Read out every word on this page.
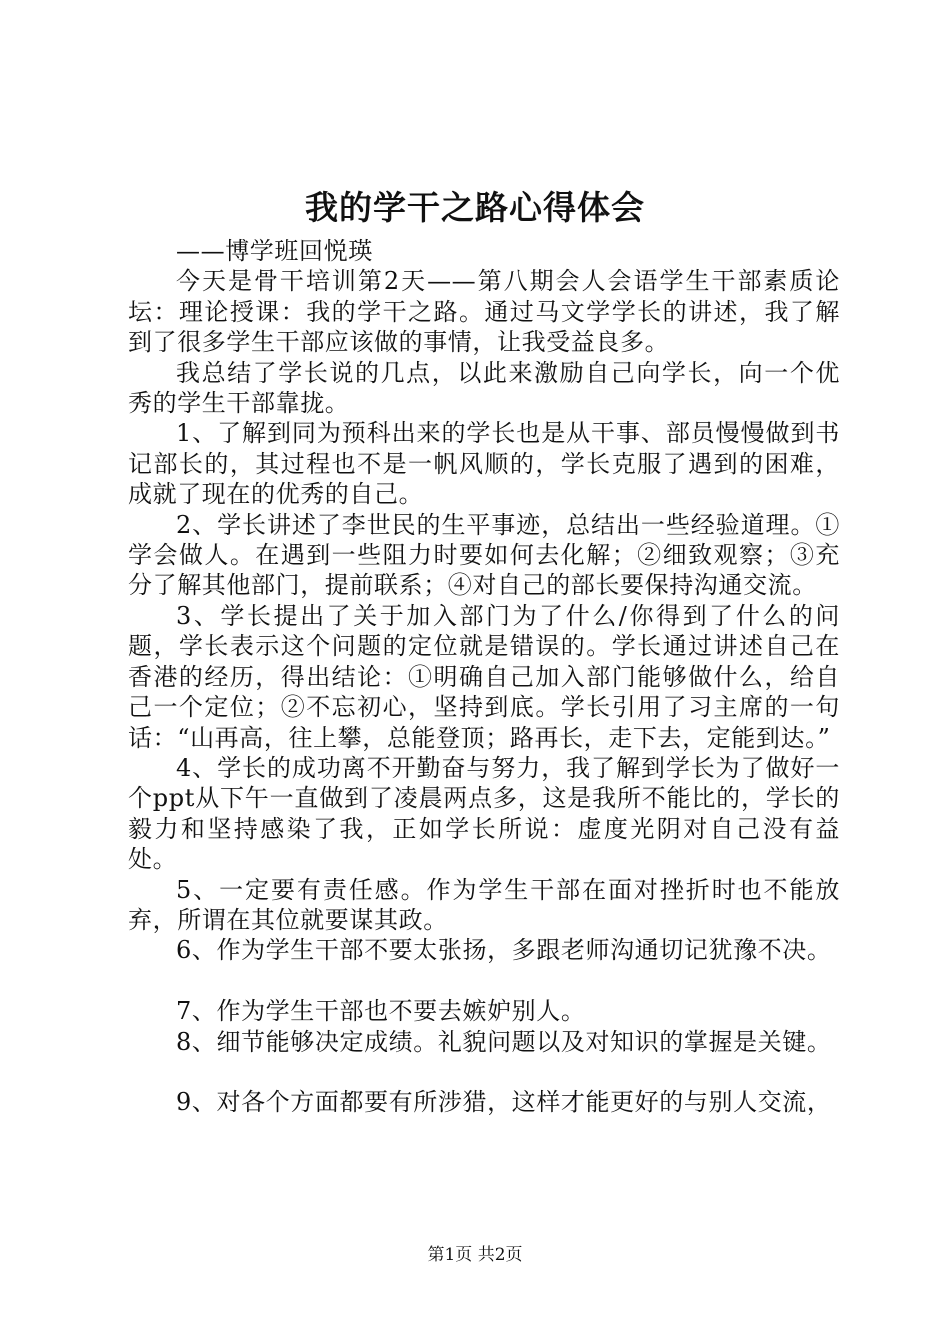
我的学干之路心得体会

——博学班回悦瑛

今天是骨干培训第2天——第八期会人会语学生干部素质论坛：理论授课：我的学干之路。通过马文学学长的讲述，我了解到了很多学生干部应该做的事情，让我受益良多。

我总结了学长说的几点，以此来激励自己向学长，向一个优秀的学生干部靠拢。

1、了解到同为预科出来的学长也是从干事、部员慢慢做到书记部长的，其过程也不是一帆风顺的，学长克服了遇到的困难，成就了现在的优秀的自己。

2、学长讲述了李世民的生平事迹，总结出一些经验道理。①学会做人。在遇到一些阻力时要如何去化解；②细致观察；③充分了解其他部门，提前联系；④对自己的部长要保持沟通交流。

3、学长提出了关于加入部门为了什么/你得到了什么的问题，学长表示这个问题的定位就是错误的。学长通过讲述自己在香港的经历，得出结论：①明确自己加入部门能够做什么，给自己一个定位；②不忘初心，坚持到底。学长引用了习主席的一句话：“山再高，往上攀，总能登顶；路再长，走下去，定能到达。”

4、学长的成功离不开勤奋与努力，我了解到学长为了做好一个ppt从下午一直做到了凌晨两点多，这是我所不能比的，学长的毅力和坚持感染了我，正如学长所说：虚度光阴对自己没有益处。

5、一定要有责任感。作为学生干部在面对挫折时也不能放弃，所谓在其位就要谋其政。

6、作为学生干部不要太张扬，多跟老师沟通切记犹豫不决。

7、作为学生干部也不要去嫉妒别人。

8、细节能够决定成绩。礼貌问题以及对知识的掌握是关键。

9、对各个方面都要有所涉猎，这样才能更好的与别人交流，

第1页 共2页
